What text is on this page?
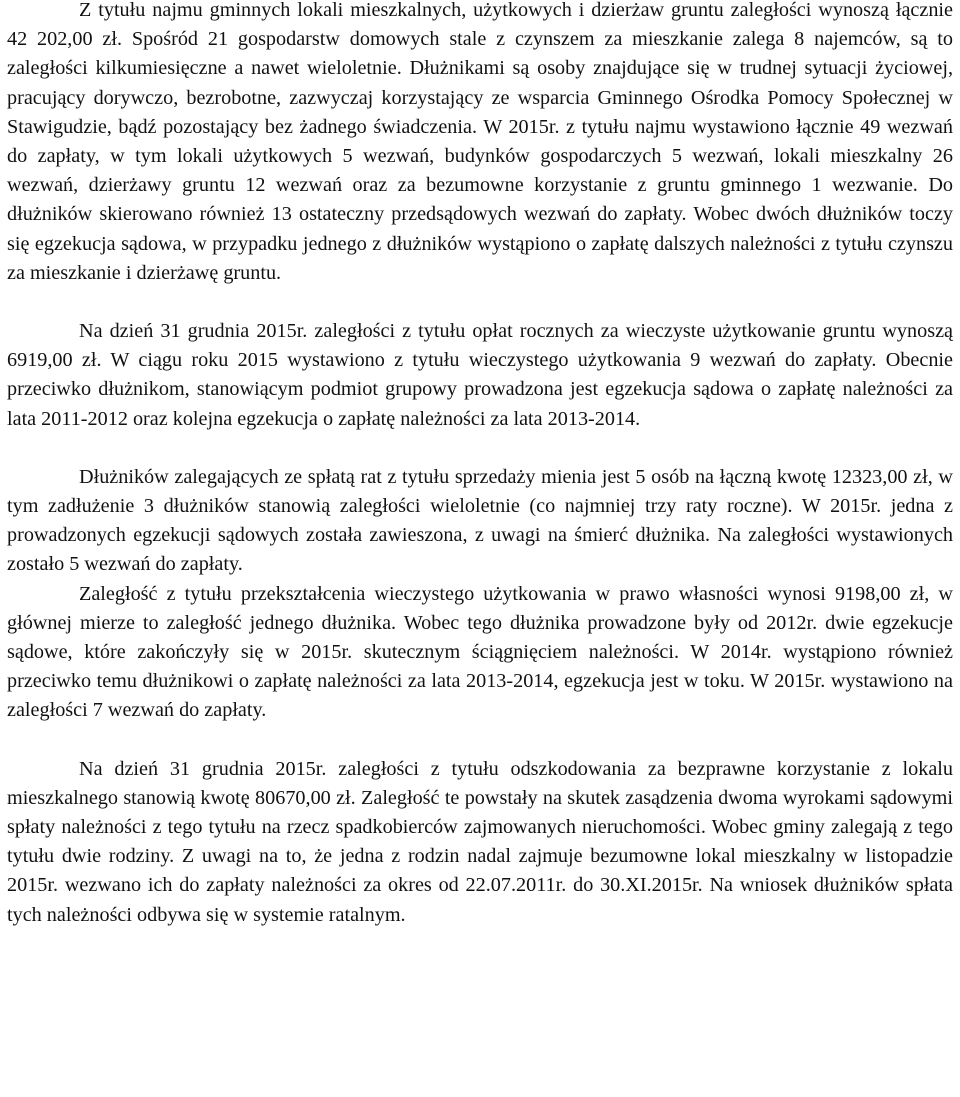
Z tytułu najmu gminnych lokali mieszkalnych, użytkowych i dzierżaw gruntu zaległości wynoszą łącznie 42 202,00 zł. Spośród 21 gospodarstw domowych stale z czynszem za mieszkanie zalega 8 najemców, są to zaległości kilkumiesięczne a nawet wieloletnie. Dłużnikami są osoby znajdujące się w trudnej sytuacji życiowej, pracujący dorywczo, bezrobotne, zazwyczaj korzystający ze wsparcia Gminnego Ośrodka Pomocy Społecznej w Stawigudzie, bądź pozostający bez żadnego świadczenia. W 2015r. z tytułu najmu wystawiono łącznie 49 wezwań do zapłaty, w tym lokali użytkowych 5 wezwań, budynków gospodarczych 5 wezwań, lokali mieszkalny 26 wezwań, dzierżawy gruntu 12 wezwań oraz za bezumowne korzystanie z gruntu gminnego 1 wezwanie. Do dłużników skierowano również 13 ostateczny przedsądowych wezwań do zapłaty. Wobec dwóch dłużników toczy się egzekucja sądowa, w przypadku jednego z dłużników wystąpiono o zapłatę dalszych należności z tytułu czynszu za mieszkanie i dzierżawę gruntu.

Na dzień 31 grudnia 2015r. zaległości z tytułu opłat rocznych za wieczyste użytkowanie gruntu wynoszą 6919,00 zł. W ciągu roku 2015 wystawiono z tytułu wieczystego użytkowania 9 wezwań do zapłaty. Obecnie przeciwko dłużnikom, stanowiącym podmiot grupowy prowadzona jest egzekucja sądowa o zapłatę należności za lata 2011-2012 oraz kolejna egzekucja o zapłatę należności za lata 2013-2014.

Dłużników zalegających ze spłatą rat z tytułu sprzedaży mienia jest 5 osób na łączną kwotę 12323,00 zł, w tym zadłużenie 3 dłużników stanowią zaległości wieloletnie (co najmniej trzy raty roczne). W 2015r. jedna z prowadzonych egzekucji sądowych została zawieszona, z uwagi na śmierć dłużnika. Na zaległości wystawionych zostało 5 wezwań do zapłaty.

Zaległość z tytułu przekształcenia wieczystego użytkowania w prawo własności wynosi 9198,00 zł, w głównej mierze to zaległość jednego dłużnika. Wobec tego dłużnika prowadzone były od 2012r. dwie egzekucje sądowe, które zakończyły się w 2015r. skutecznym ściągnięciem należności. W 2014r. wystąpiono również przeciwko temu dłużnikowi o zapłatę należności za lata 2013-2014, egzekucja jest w toku. W 2015r. wystawiono na zaległości 7 wezwań do zapłaty.

Na dzień 31 grudnia 2015r. zaległości z tytułu odszkodowania za bezprawne korzystanie z lokalu mieszkalnego stanowią kwotę 80670,00 zł. Zaległość te powstały na skutek zasądzenia dwoma wyrokami sądowymi spłaty należności z tego tytułu na rzecz spadkobierców zajmowanych nieruchomości. Wobec gminy zalegają z tego tytułu dwie rodziny. Z uwagi na to, że jedna z rodzin nadal zajmuje bezumowne lokal mieszkalny w listopadzie 2015r. wezwano ich do zapłaty należności za okres od 22.07.2011r. do 30.XI.2015r. Na wniosek dłużników spłata tych należności odbywa się w systemie ratalnym.
